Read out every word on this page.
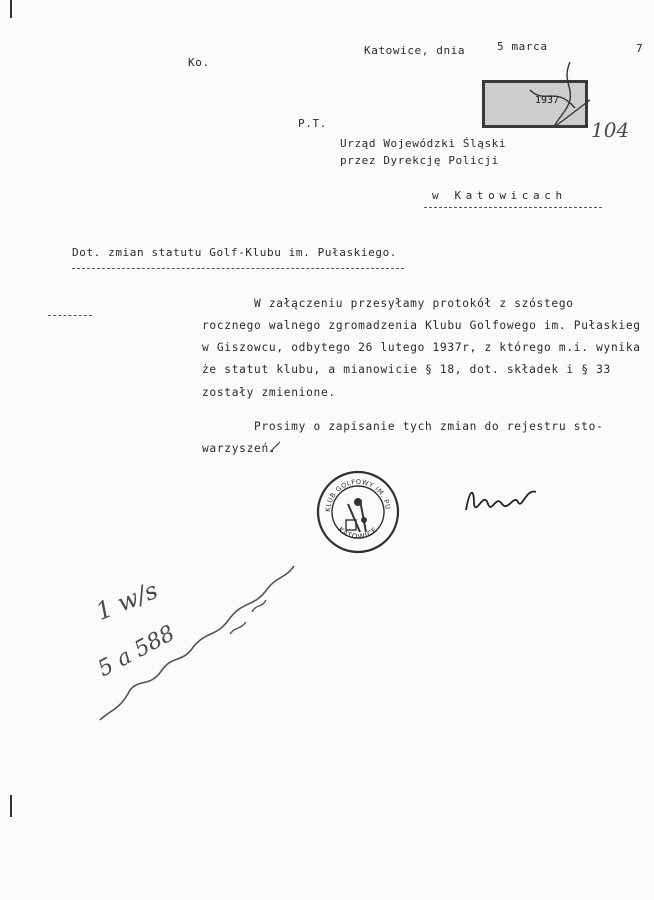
Ko.
Katowice, dnia	5 marca	7
1937
104
P.T.
Urząd Wojewódzki Śląski
przez Dyrekcję Policji
w Katowicach
Dot. zmian statutu Golf-Klubu im. Pułaskiego.
W załączeniu przesyłamy protokół z szóstego
rocznego walnego zgromadzenia Klubu Golfowego im. Pułaskieg
w Giszowcu, odbytego 26 lutego 1937r, z którego m.i. wynika
że statut klubu, a mianowicie § 18, dot. składek i § 33
zostały zmienione.
Prosimy o zapisanie tych zmian do rejestru sto-
warzyszeń.
KLUB GOLFOWY IM. PUŁASKIEGO
KATOWICE
1 w/s
5 a 588
